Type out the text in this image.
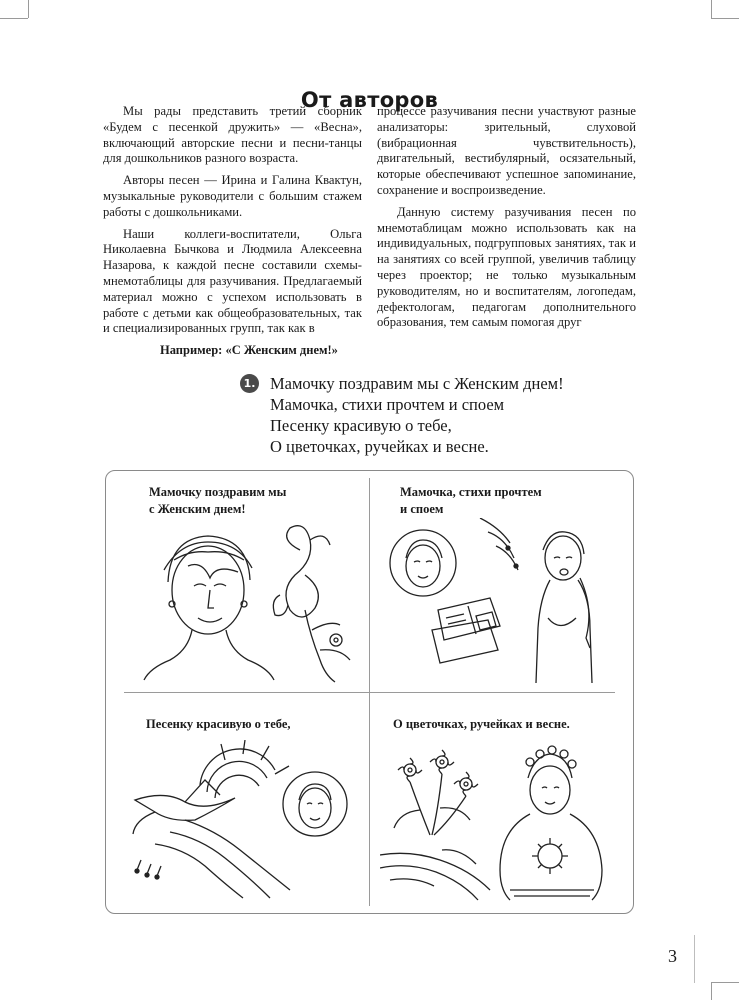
От авторов

Мы рады представить третий сборник «Будем с песенкой дружить» — «Весна», включающий авторские песни и песни-танцы для дошкольников разного возраста.

Авторы песен — Ирина и Галина Квактун, музыкальные руководители с большим стажем работы с дошкольниками.

Наши коллеги-воспитатели, Ольга Николаевна Бычкова и Людмила Алексеевна Назарова, к каждой песне составили схемы-мнемотаблицы для разучивания. Предлагаемый материал можно с успехом использовать в работе с детьми как общеобразовательных, так и специализированных групп, так как в

процессе разучивания песни участвуют разные анализаторы: зрительный, слуховой (вибрационная чувствительность), двигательный, вестибулярный, осязательный, которые обеспечивают успешное запоминание, сохранение и воспроизведение.

Данную систему разучивания песен по мнемотаблицам можно использовать как на индивидуальных, подгрупповых занятиях, так и на занятиях со всей группой, увеличив таблицу через проектор; не только музыкальным руководителям, но и воспитателям, логопедам, дефектологам, педагогам дополнительного образования, тем самым помогая друг

Например: «С Женским днем!»
1. Мамочку поздравим мы с Женским днем!
Мамочка, стихи прочтем и споем
Песенку красивую о тебе,
О цветочках, ручейках и весне.
Мамочку поздравим мы
с Женским днем!
Мамочка, стихи прочтем
и споем
Песенку красивую о тебе,	О цветочках, ручейках и весне.
3
